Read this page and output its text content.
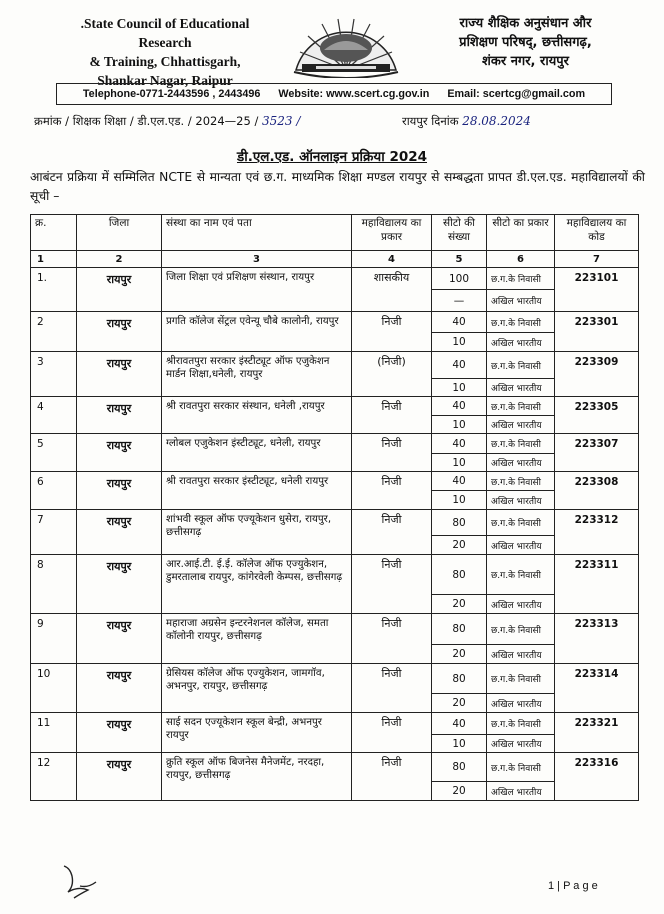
.State Council of Educational Research
& Training, Chhattisgarh,
Shankar Nagar, Raipur
राज्य शैक्षिक अनुसंधान और
प्रशिक्षण परिषद्, छत्तीसगढ़,
शंकर नगर, रायपुर
Telephone-0771-2443596 , 2443496 Website: www.scert.cg.gov.in Email: scertcg@gmail.com
क्रमांक / शिक्षक शिक्षा / डी.एल.एड. / 2024—25 / 3523 /	रायपुर दिनांक 28.08.2024
डी.एल.एड. ऑनलाइन प्रक्रिया 2024
आबंटन प्रक्रिया में सम्मिलित NCTE से मान्यता एवं छ.ग. माध्यमिक शिक्षा मण्डल रायपुर से सम्बद्धता प्रापत डी.एल.एड. महाविद्यालयों की सूची –
क्र.	जिला	संस्था का नाम एवं पता	महाविद्यालय का प्रकार	सीटो की संख्या	सीटो का प्रकार	महाविद्यालय का कोड
1	2	3	4	5	6	7
1.	रायपुर	जिला शिक्षा एवं प्रशिक्षण संस्थान, रायपुर	शासकीय	100	छ.ग.के निवासी	223101
				—	अखिल भारतीय	
2	रायपुर	प्रगति कॉलेज सेंट्रल एवेन्यू चौबे कालोनी, रायपुर	निजी	40	छ.ग.के निवासी	223301
				10	अखिल भारतीय	
3	रायपुर	श्रीरावतपुरा सरकार इंस्टीट्यूट ऑफ एजुकेशन मार्डन शिक्षा,धनेली, रायपुर	(निजी)	40	छ.ग.के निवासी	223309
				10	अखिल भारतीय	
4	रायपुर	श्री रावतपुरा सरकार संस्थान, धनेली ,रायपुर	निजी	40	छ.ग.के निवासी	223305
				10	अखिल भारतीय	
5	रायपुर	ग्लोबल एजुकेशन इंस्टीट्यूट, धनेली, रायपुर	निजी	40	छ.ग.के निवासी	223307
				10	अखिल भारतीय	
6	रायपुर	श्री रावतपुरा सरकार इंस्टीट्यूट, धनेली रायपुर	निजी	40	छ.ग.के निवासी	223308
				10	अखिल भारतीय	
7	रायपुर	शांभवी स्कूल ऑफ एज्यूकेशन धुसेरा, रायपुर, छत्तीसगढ़	निजी	80	छ.ग.के निवासी	223312
				20	अखिल भारतीय	
8	रायपुर	आर.आई.टी. ई.ई. कॉलेज ऑफ एज्युकेशन, डुमरतालाब रायपुर, कांगेरवेली केम्पस, छत्तीसगढ़	निजी	80	छ.ग.के निवासी	223311
				20	अखिल भारतीय	
9	रायपुर	महाराजा अग्रसेन इन्टरनेशनल कॉलेज, समता कॉलोनी रायपुर, छत्तीसगढ़	निजी	80	छ.ग.के निवासी	223313
				20	अखिल भारतीय	
10	रायपुर	ग्रेसियस कॉलेज ऑफ एज्युकेशन, जामगॉव, अभनपुर, रायपुर, छत्तीसगढ़	निजी	80	छ.ग.के निवासी	223314
				20	अखिल भारतीय	
11	रायपुर	साई सदन एज्यूकेशन स्कूल बेन्द्री, अभनपुर रायपुर	निजी	40	छ.ग.के निवासी	223321
				10	अखिल भारतीय	
12	रायपुर	क्रुति स्कूल ऑफ बिजनेस मैनेजमेंट, नरदहा, रायपुर, छत्तीसगढ़	निजी	80	छ.ग.के निवासी	223316
				20	अखिल भारतीय	
1 | P a g e
